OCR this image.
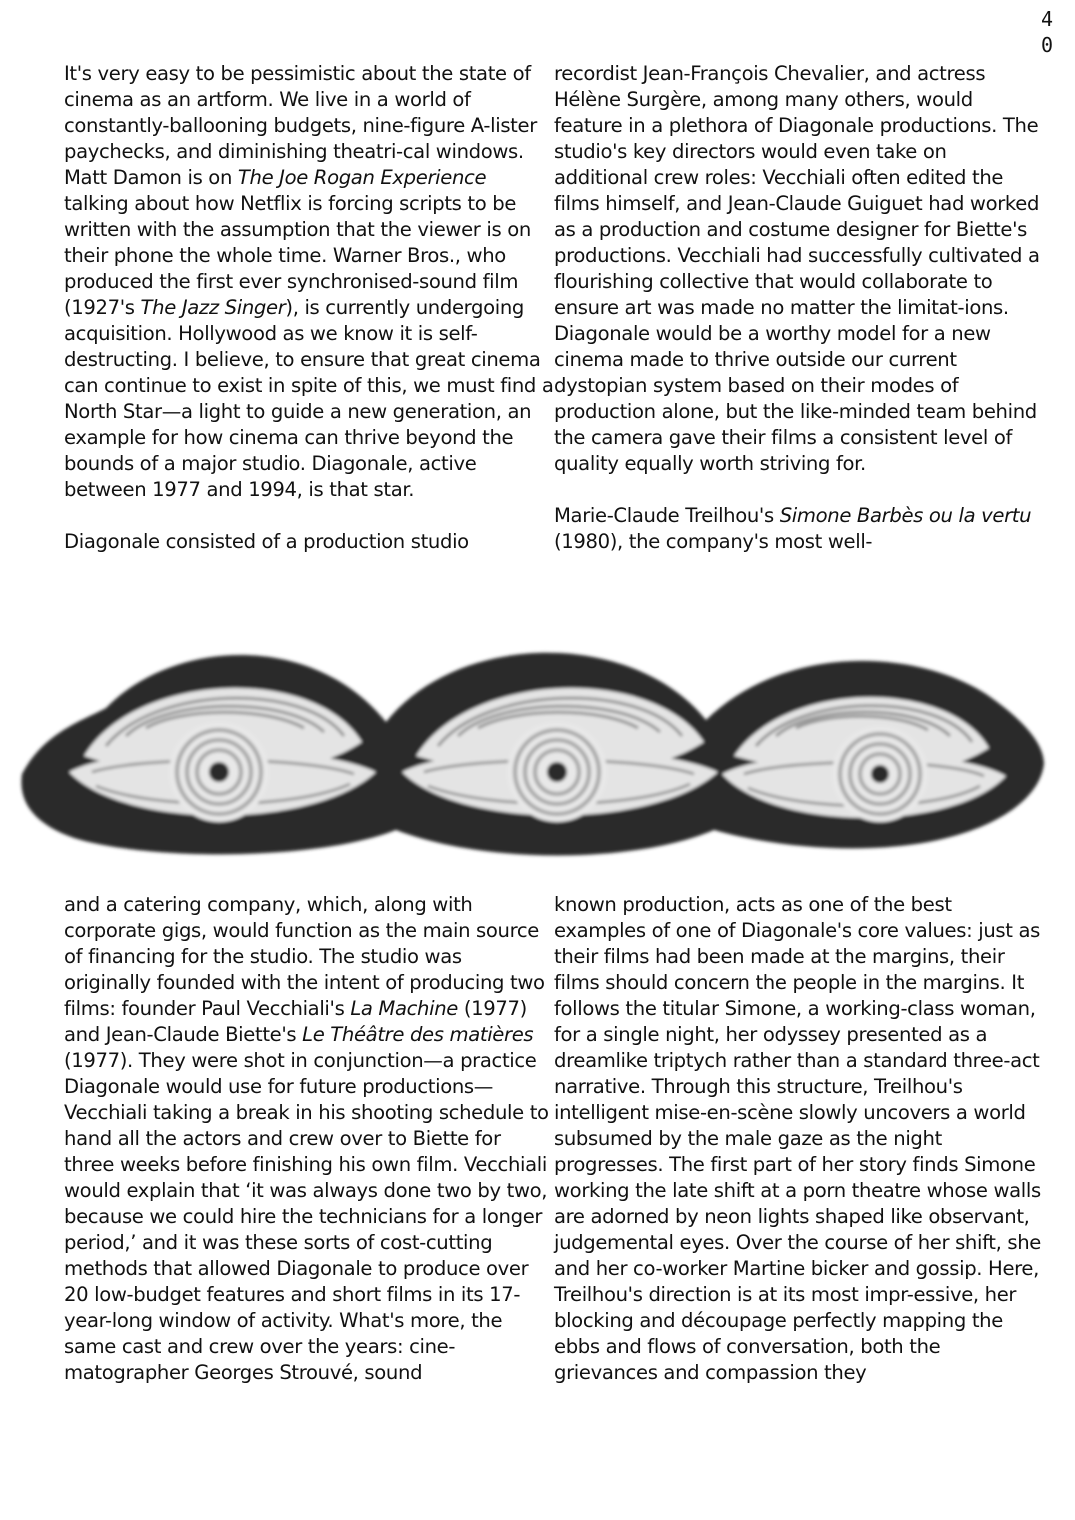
4
0

It's very easy to be pessimistic about the state of cinema as an artform. We live in a world of constantly-ballooning budgets, nine-figure A-lister paychecks, and diminishing theatri-cal windows. Matt Damon is on The Joe Rogan Experience talking about how Netflix is forcing scripts to be written with the assumption that the viewer is on their phone the whole time. Warner Bros., who produced the first ever synchronised-sound film (1927's The Jazz Singer), is currently undergoing acquisition. Hollywood as we know it is self-destructing. I believe, to ensure that great cinema can continue to exist in spite of this, we must find a North Star—a light to guide a new generation, an example for how cinema can thrive beyond the bounds of a major studio. Diagonale, active between 1977 and 1994, is that star.

Diagonale consisted of a production studio

recordist Jean-François Chevalier, and actress Hélène Surgère, among many others, would feature in a plethora of Diagonale productions. The studio's key directors would even take on additional crew roles: Vecchiali often edited the films himself, and Jean-Claude Guiguet had worked as a production and costume designer for Biette's productions. Vecchiali had successfully cultivated a flourishing collective that would collaborate to ensure art was made no matter the limitat-ions. Diagonale would be a worthy model for a new cinema made to thrive outside our current dystopian system based on their modes of production alone, but the like-minded team behind the camera gave their films a consistent level of quality equally worth striving for.

Marie-Claude Treilhou's Simone Barbès ou la vertu (1980), the company's most well-

and a catering company, which, along with corporate gigs, would function as the main source of financing for the studio. The studio was originally founded with the intent of producing two films: founder Paul Vecchiali's La Machine (1977) and Jean-Claude Biette's Le Théâtre des matières (1977). They were shot in conjunction—a practice Diagonale would use for future productions—Vecchiali taking a break in his shooting schedule to hand all the actors and crew over to Biette for three weeks before finishing his own film. Vecchiali would explain that ‘it was always done two by two, because we could hire the technicians for a longer period,’ and it was these sorts of cost-cutting methods that allowed Diagonale to produce over 20 low-budget features and short films in its 17-year-long window of activity. What's more, the same cast and crew over the years: cine-matographer Georges Strouvé, sound

known production, acts as one of the best examples of one of Diagonale's core values: just as their films had been made at the margins, their films should concern the people in the margins. It follows the titular Simone, a working-class woman, for a single night, her odyssey presented as a dreamlike triptych rather than a standard three-act narrative. Through this structure, Treilhou's intelligent mise-en-scène slowly uncovers a world subsumed by the male gaze as the night progresses. The first part of her story finds Simone working the late shift at a porn theatre whose walls are adorned by neon lights shaped like observant, judgemental eyes. Over the course of her shift, she and her co-worker Martine bicker and gossip. Here, Treilhou's direction is at its most impr-essive, her blocking and découpage perfectly mapping the ebbs and flows of conversation, both the grievances and compassion they
